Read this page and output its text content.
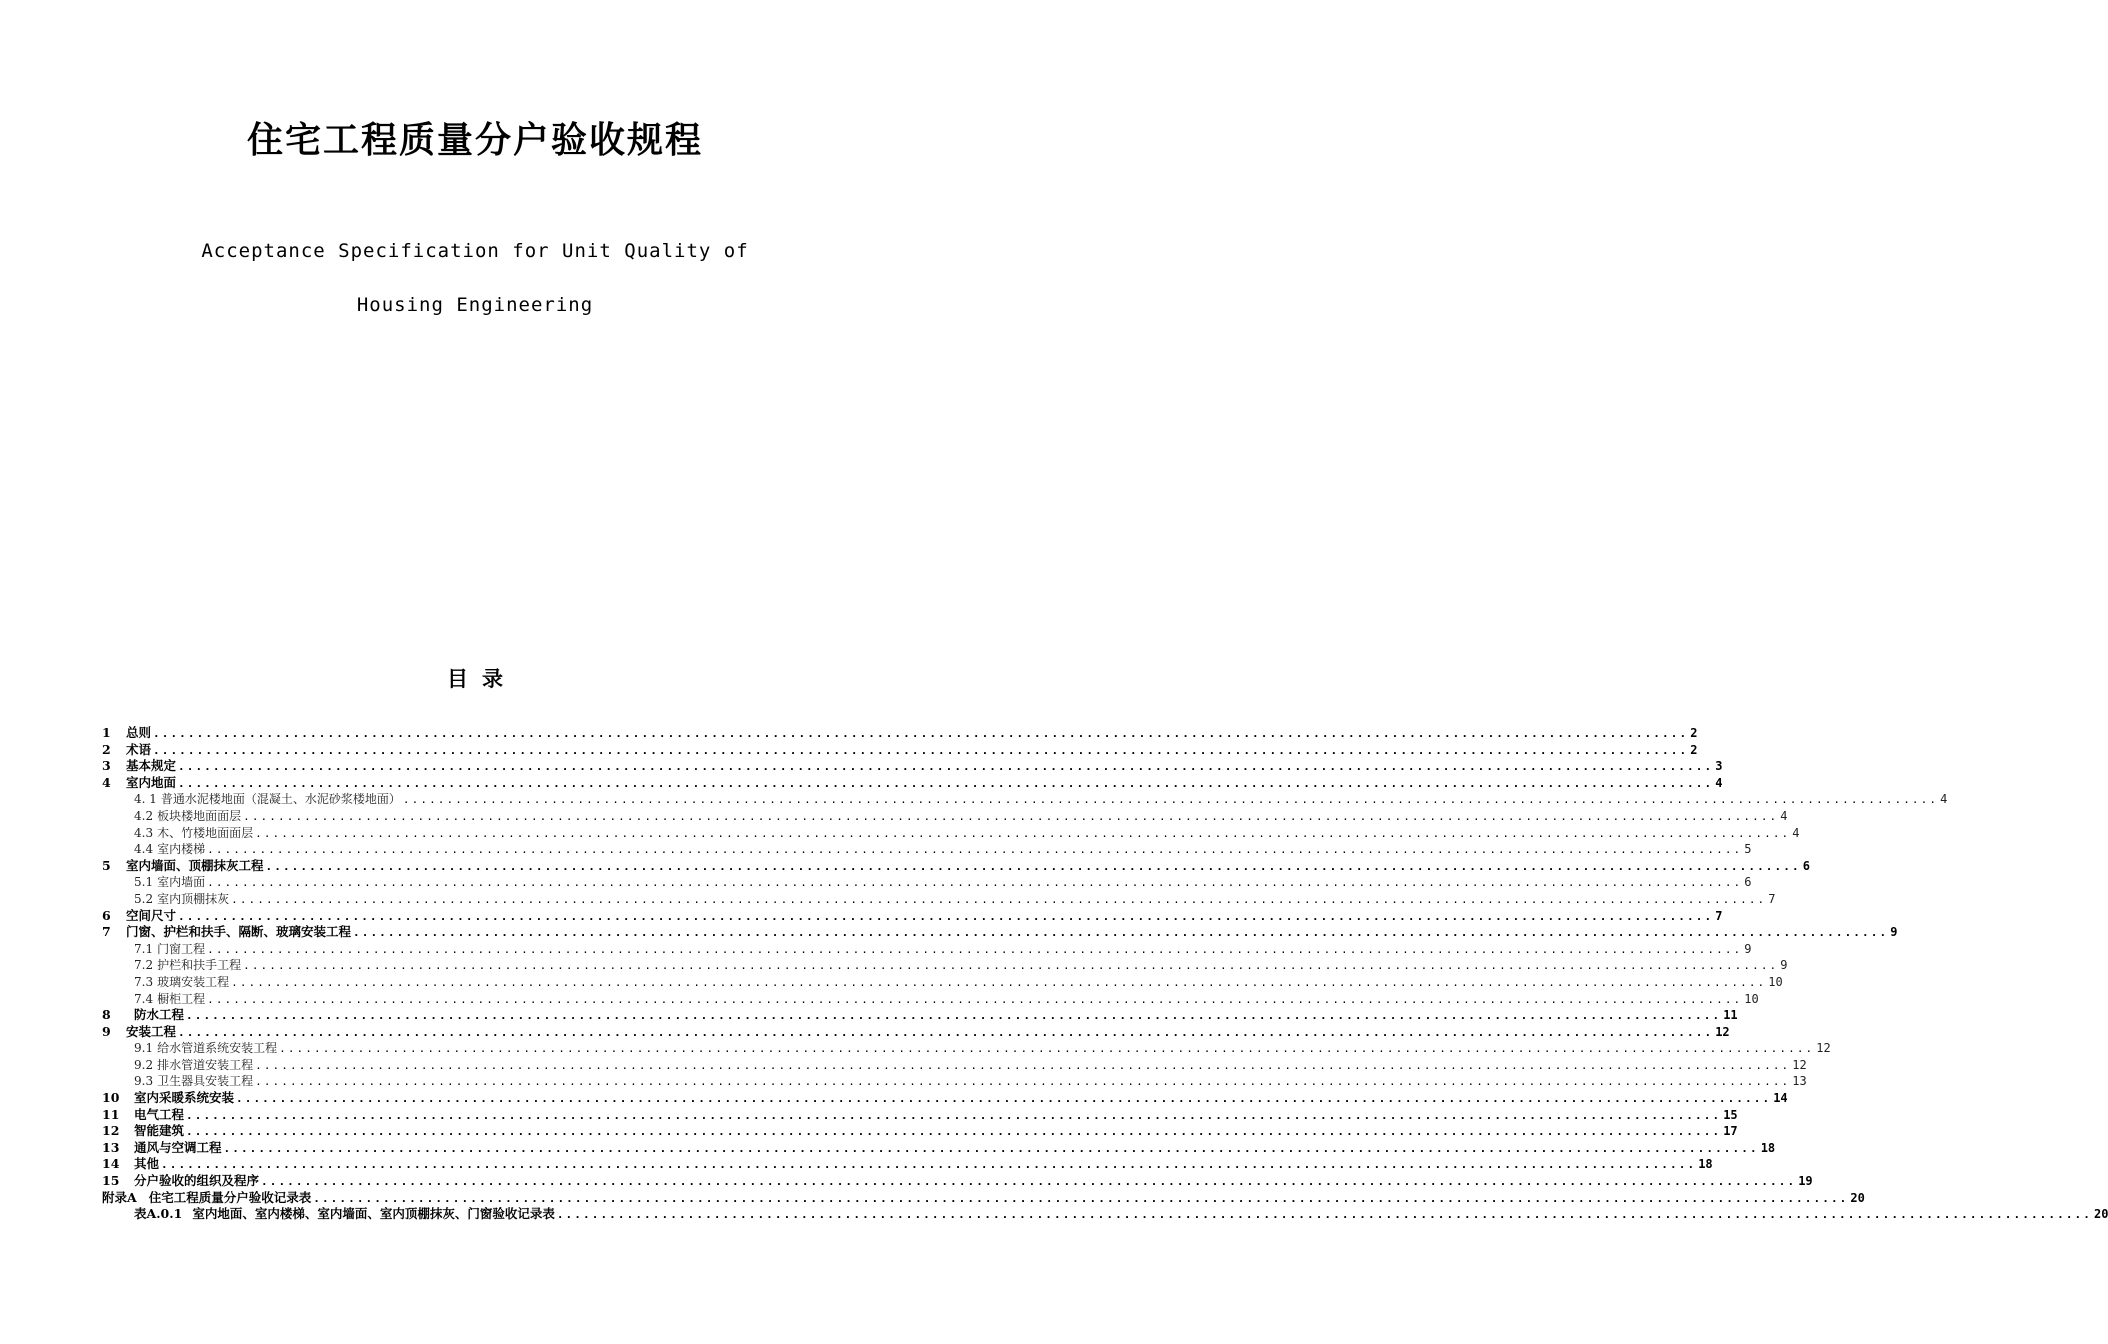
住宅工程质量分户验收规程
Acceptance Specification for Unit Quality of
Housing Engineering
目 录
1	总则 ................................................................................................................................................................................ 2
2	术语 ................................................................................................................................................................................ 2
3	基本规定 ................................................................................................................................................................................ 3
4	室内地面 ................................................................................................................................................................................ 4
4. 1 普通水泥楼地面（混凝土、水泥砂浆楼地面） ................................................................................................................................................................................ 4
4.2 板块楼地面面层 ................................................................................................................................................................................ 4
4.3 木、竹楼地面面层 ................................................................................................................................................................................ 4
4.4 室内楼梯 ................................................................................................................................................................................ 5
5	室内墙面、顶棚抹灰工程 ................................................................................................................................................................................ 6
5.1 室内墙面 ................................................................................................................................................................................ 6
5.2 室内顶棚抹灰 ................................................................................................................................................................................ 7
6	空间尺寸 ................................................................................................................................................................................ 7
7	门窗、护栏和扶手、隔断、玻璃安装工程 ................................................................................................................................................................................ 9
7.1 门窗工程 ................................................................................................................................................................................ 9
7.2 护栏和扶手工程 ................................................................................................................................................................................ 9
7.3 玻璃安装工程 ................................................................................................................................................................................ 10
7.4 橱柜工程 ................................................................................................................................................................................ 10
8	防水工程 ................................................................................................................................................................................ 11
9	安装工程 ................................................................................................................................................................................ 12
9.1 给水管道系统安装工程 ................................................................................................................................................................................ 12
9.2 排水管道安装工程 ................................................................................................................................................................................ 12
9.3 卫生器具安装工程 ................................................................................................................................................................................ 13
10	室内采暖系统安装 ................................................................................................................................................................................ 14
11	电气工程 ................................................................................................................................................................................ 15
12	智能建筑 ................................................................................................................................................................................ 17
13	通风与空调工程 ................................................................................................................................................................................ 18
14	其他 ................................................................................................................................................................................ 18
15	分户验收的组织及程序 ................................................................................................................................................................................ 19
附录A 住宅工程质量分户验收记录表 ................................................................................................................................................................................ 20
表A.0.1 室内地面、室内楼梯、室内墙面、室内顶棚抹灰、门窗验收记录表 ................................................................................................................................................................................ 20
